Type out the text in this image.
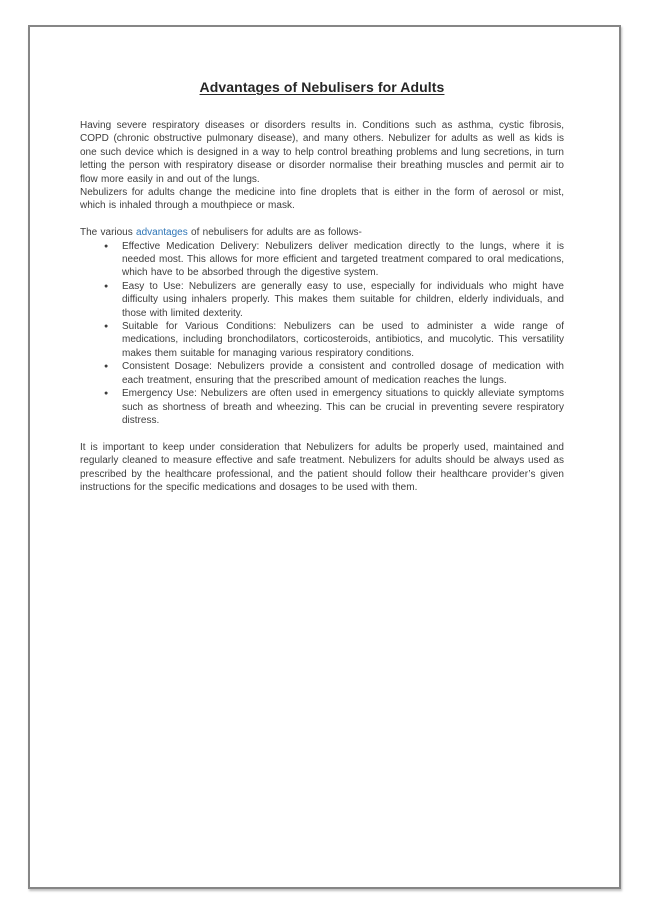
Advantages of Nebulisers for Adults

Having severe respiratory diseases or disorders results in. Conditions such as asthma, cystic fibrosis, COPD (chronic obstructive pulmonary disease), and many others. Nebulizer for adults as well as kids is one such device which is designed in a way to help control breathing problems and lung secretions, in turn letting the person with respiratory disease or disorder normalise their breathing muscles and permit air to flow more easily in and out of the lungs.

Nebulizers for adults change the medicine into fine droplets that is either in the form of aerosol or mist, which is inhaled through a mouthpiece or mask.

The various advantages of nebulisers for adults are as follows-

● Effective Medication Delivery: Nebulizers deliver medication directly to the lungs, where it is needed most. This allows for more efficient and targeted treatment compared to oral medications, which have to be absorbed through the digestive system.
● Easy to Use: Nebulizers are generally easy to use, especially for individuals who might have difficulty using inhalers properly. This makes them suitable for children, elderly individuals, and those with limited dexterity.
● Suitable for Various Conditions: Nebulizers can be used to administer a wide range of medications, including bronchodilators, corticosteroids, antibiotics, and mucolytic. This versatility makes them suitable for managing various respiratory conditions.
● Consistent Dosage: Nebulizers provide a consistent and controlled dosage of medication with each treatment, ensuring that the prescribed amount of medication reaches the lungs.
● Emergency Use: Nebulizers are often used in emergency situations to quickly alleviate symptoms such as shortness of breath and wheezing. This can be crucial in preventing severe respiratory distress.

It is important to keep under consideration that Nebulizers for adults be properly used, maintained and regularly cleaned to measure effective and safe treatment. Nebulizers for adults should be always used as prescribed by the healthcare professional, and the patient should follow their healthcare provider’s given instructions for the specific medications and dosages to be used with them.
